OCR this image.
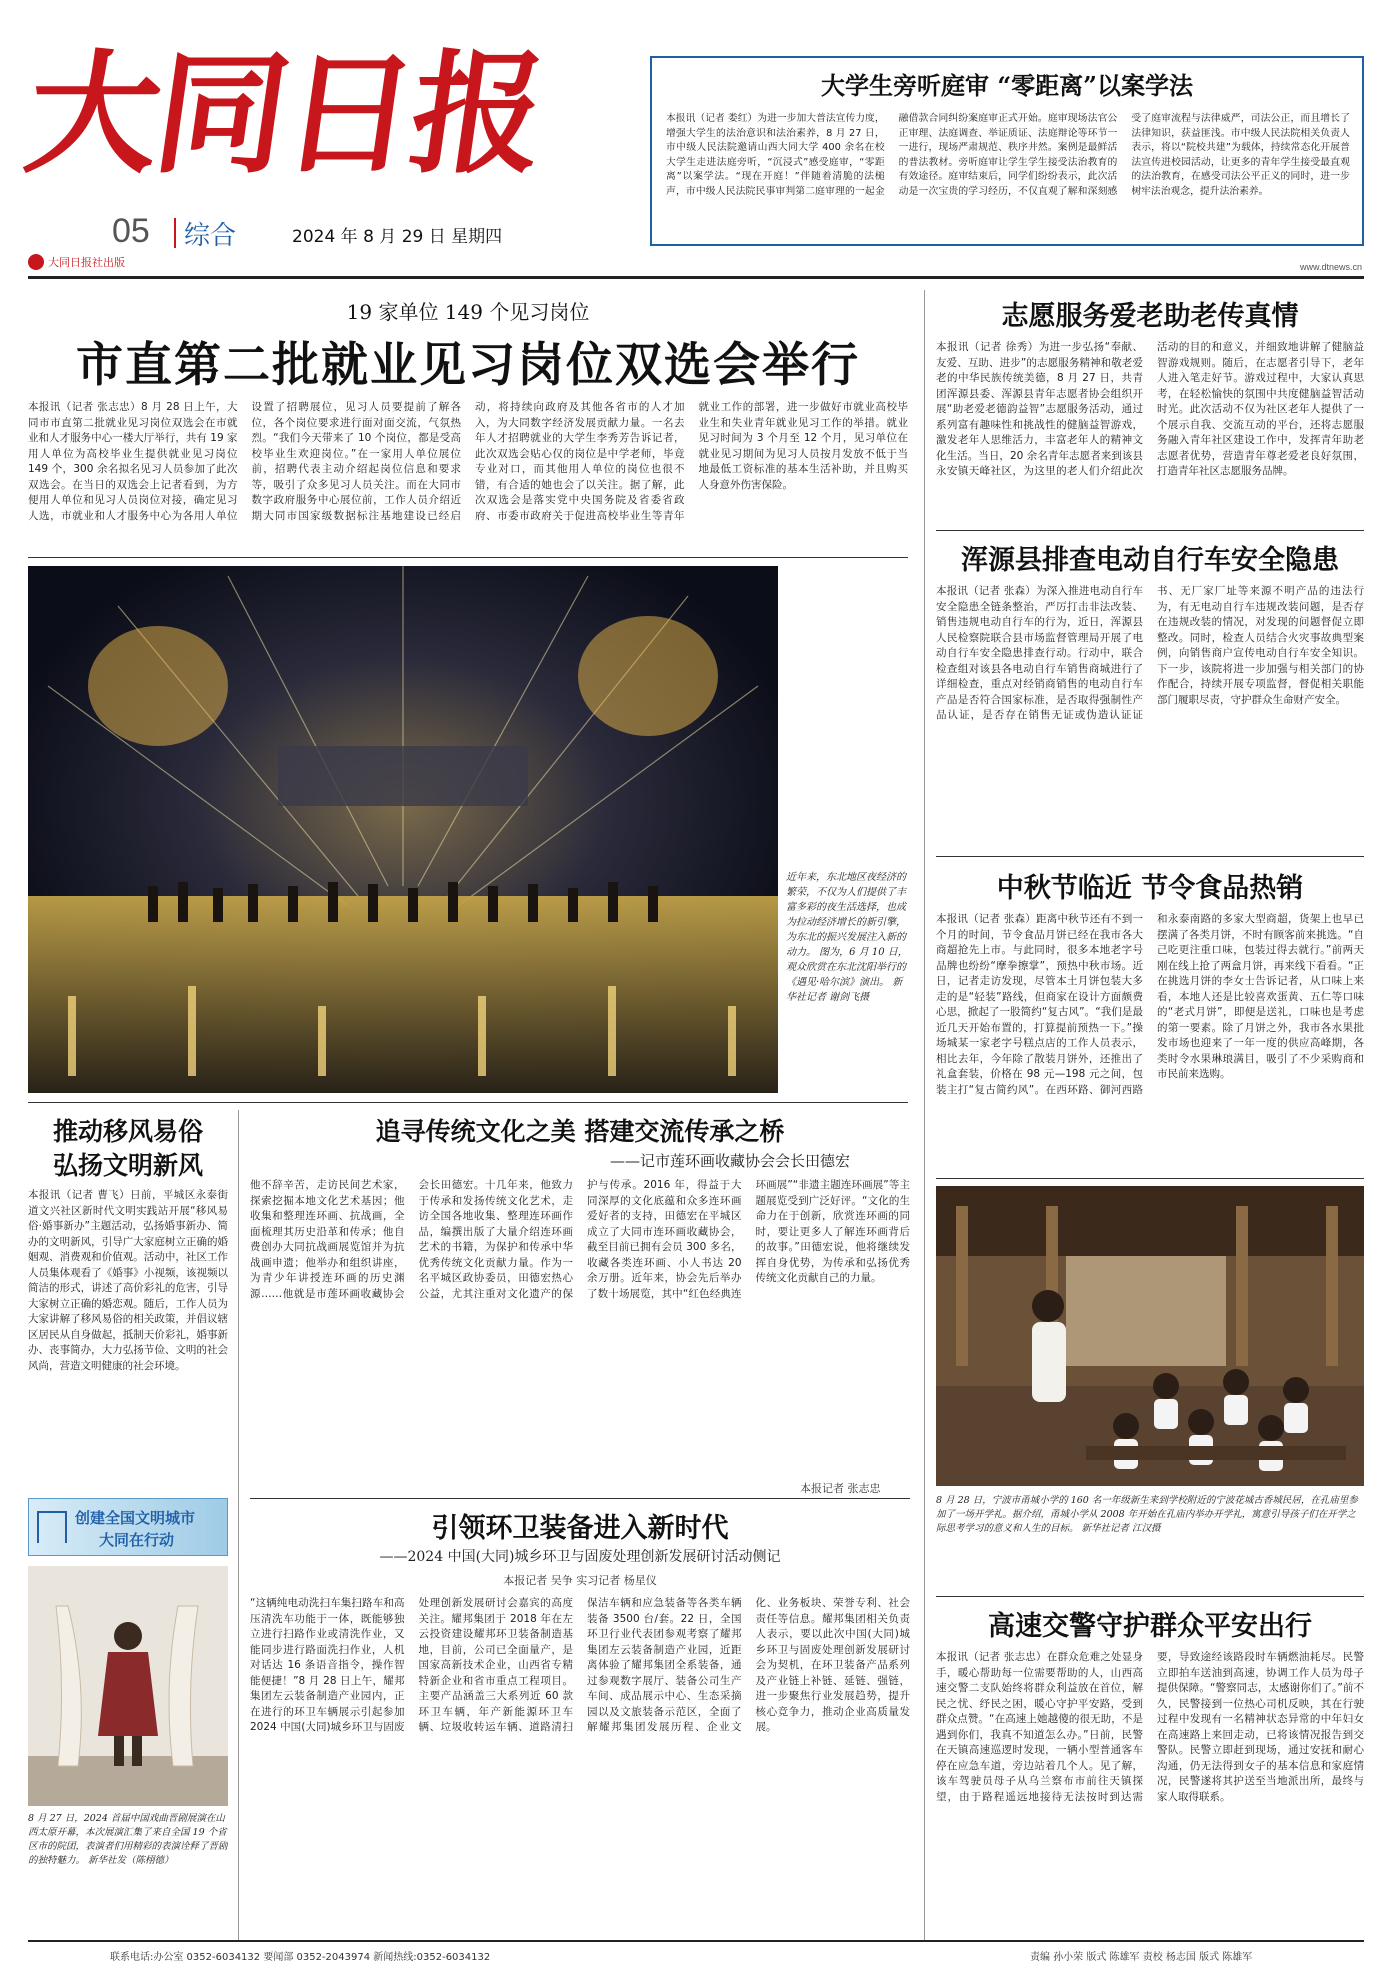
大同日报
05 综合	2024 年 8 月 29 日 星期四
大同日报社出版
大学生旁听庭审 “零距离”以案学法
本报讯（记者 娄红）为进一步加大普法宣传力度，增强大学生的法治意识和法治素养，8 月 27 日，市中级人民法院邀请山西大同大学 400 余名在校大学生走进法庭旁听，“沉浸式”感受庭审，“零距离”以案学法。“现在开庭！”伴随着清脆的法槌声，市中级人民法院民事审判第二庭审理的一起金融借款合同纠纷案庭审正式开始。庭审现场法官公正审理、法庭调查、举证质证、法庭辩论等环节一一进行，现场严肃规范、秩序井然。案例是最鲜活的普法教材。旁听庭审让学生学生接受法治教育的有效途径。庭审结束后，同学们纷纷表示，此次活动是一次宝贵的学习经历，不仅直观了解和深刻感受了庭审流程与法律威严，司法公正，而且增长了法律知识，获益匪浅。市中级人民法院相关负责人表示，将以“院校共建”为载体，持续常态化开展普法宣传进校园活动，让更多的青年学生接受最直观的法治教育，在感受司法公平正义的同时，进一步树牢法治观念，提升法治素养。
www.dtnews.cn
19 家单位 149 个见习岗位
市直第二批就业见习岗位双选会举行
本报讯（记者 张志忠）8 月 28 日上午，大同市市直第二批就业见习岗位双选会在市就业和人才服务中心一楼大厅举行，共有 19 家用人单位为高校毕业生提供就业见习岗位 149 个，300 余名拟名见习人员参加了此次双选会。在当日的双选会上记者看到，为方便用人单位和见习人员岗位对接，确定见习人选，市就业和人才服务中心为各用人单位设置了招聘展位，见习人员要提前了解各位，各个岗位要求进行面对面交流，气氛热烈。“我们今天带来了 10 个岗位，都是受高校毕业生欢迎岗位。”在一家用人单位展位前，招聘代表主动介绍起岗位信息和要求等，吸引了众多见习人员关注。而在大同市数字政府服务中心展位前，工作人员介绍近期大同市国家级数据标注基地建设已经启动，将持续向政府及其他各省市的人才加入，为大同数字经济发展贡献力量。一名去年人才招聘就业的大学生李秀芳告诉记者，此次双选会贴心仅的岗位是中学老师，毕竟专业对口，而其他用人单位的岗位也很不错，有合适的她也会了以关注。据了解，此次双选会是落实党中央国务院及省委省政府、市委市政府关于促进高校毕业生等青年就业工作的部署，进一步做好市就业高校毕业生和失业青年就业见习工作的举措。就业见习时间为 3 个月至 12 个月，见习单位在就业见习期间为见习人员按月发放不低于当地最低工资标准的基本生活补助，并且购买人身意外伤害保险。
近年来，东北地区夜经济的繁荣，不仅为人们提供了丰富多彩的夜生活选择，也成为拉动经济增长的新引擎，为东北的振兴发展注入新的动力。 图为，6 月 10 日，观众欣赏在东北沈阳举行的《遇见·哈尔滨》演出。 新华社记者 谢剑飞摄
志愿服务爱老助老传真情
本报讯（记者 徐秀）为进一步弘扬“奉献、友爱、互助、进步”的志愿服务精神和敬老爱老的中华民族传统美德，8 月 27 日，共青团浑源县委、浑源县青年志愿者协会组织开展“助老爱老德韵益智”志愿服务活动，通过系列富有趣味性和挑战性的健脑益智游戏，激发老年人思维活力，丰富老年人的精神文化生活。当日，20 余名青年志愿者来到该县永安镇天峰社区，为这里的老人们介绍此次活动的目的和意义，并细致地讲解了健脑益智游戏规则。随后，在志愿者引导下，老年人进入笔走好节。游戏过程中，大家认真思考，在轻松愉快的氛围中共度健脑益智活动时光。此次活动不仅为社区老年人提供了一个展示自我、交流互动的平台，还将志愿服务融入青年社区建设工作中，发挥青年助老志愿者优势，营造青年尊老爱老良好氛围，打造青年社区志愿服务品牌。
浑源县排查电动自行车安全隐患
本报讯（记者 张森）为深入推进电动自行车安全隐患全链条整治，严厉打击非法改装、销售违规电动自行车的行为，近日，浑源县人民检察院联合县市场监督管理局开展了电动自行车安全隐患排查行动。行动中，联合检查组对该县各电动自行车销售商城进行了详细检查，重点对经销商销售的电动自行车产品是否符合国家标准，是否取得强制性产品认证，是否存在销售无证或伪造认证证书、无厂家厂址等来源不明产品的违法行为，有无电动自行车违规改装问题，是否存在违规改装的情况，对发现的问题督促立即整改。同时，检查人员结合火灾事故典型案例，向销售商户宣传电动自行车安全知识。下一步，该院将进一步加强与相关部门的协作配合，持续开展专项监督，督促相关职能部门履职尽责，守护群众生命财产安全。
中秋节临近 节令食品热销
本报讯（记者 张森）距离中秋节还有不到一个月的时间，节令食品月饼已经在我市各大商超抢先上市。与此同时，很多本地老字号品牌也纷纷“摩拳擦掌”，预热中秋市场。近日，记者走访发现，尽管本土月饼包装大多走的是“轻装”路线，但商家在设计方面颇费心思，掀起了一股简约“复古风”。“我们是最近几天开始布置的，打算提前预热一下。”操场城某一家老字号糕点店的工作人员表示，相比去年，今年除了散装月饼外，还推出了礼盒套装，价格在 98 元—198 元之间，包装主打“复古简约风”。在西环路、御河西路和永泰南路的多家大型商超，货架上也早已摆满了各类月饼，不时有顾客前来挑选。“自己吃更注重口味，包装过得去就行。”前两天刚在线上抢了两盒月饼，再来线下看看。“正在挑选月饼的李女士告诉记者，从口味上来看，本地人还是比较喜欢蛋黄、五仁等口味的“老式月饼”，即便是送礼，口味也是考虑的第一要素。除了月饼之外，我市各水果批发市场也迎来了一年一度的供应高峰期，各类时令水果琳琅满目，吸引了不少采购商和市民前来选购。
8 月 28 日，宁波市甬城小学的 160 名一年级新生来到学校附近的宁波花城古香城民居，在孔庙里参加了一场开学礼。据介绍，甬城小学从 2008 年开始在孔庙内举办开学礼，寓意引导孩子们在开学之际思考学习的意义和人生的目标。 新华社记者 江汉摄
高速交警守护群众平安出行
本报讯（记者 张志忠）在群众危难之处显身手，暖心帮助每一位需要帮助的人，山西高速交警二支队始终将群众利益放在首位，解民之忧、纾民之困，暖心守护平安路，受到群众点赞。“在高速上她越傻的很无助，不是遇到你们，我真不知道怎么办。”日前，民警在天镇高速巡逻时发现，一辆小型普通客车停在应急车道，旁边站着几个人。见了解，该车驾驶员母子从乌兰察布市前往天镇探望，由于路程遥远地接待无法按时到达需要，导致途经该路段时车辆燃油耗尽。民警立即拍车送油到高速，协调工作人员为母子提供保障。“警察同志，太感谢你们了。”前不久，民警接到一位热心司机反映，其在行驶过程中发现有一名精神状态异常的中年妇女在高速路上来回走动，已将该情况报告到交警队。民警立即赶到现场，通过安抚和耐心沟通，仍无法得到女子的基本信息和家庭情况，民警遂将其护送至当地派出所，最终与家人取得联系。
推动移风易俗
弘扬文明新风
本报讯（记者 曹飞）日前，平城区永泰街道文兴社区新时代文明实践站开展“移风易俗·婚事新办”主题活动，弘扬婚事新办、简办的文明新风，引导广大家庭树立正确的婚姻观、消费观和价值观。活动中，社区工作人员集体观看了《婚事》小视频，该视频以简洁的形式，讲述了高价彩礼的危害，引导大家树立正确的婚恋观。随后，工作人员为大家讲解了移风易俗的相关政策，并倡议辖区居民从自身做起，抵制天价彩礼，婚事新办、丧事简办，大力弘扬节俭、文明的社会风尚，营造文明健康的社会环境。
创建全国文明城市
大同在行动
8 月 27 日，2024 首届中国戏曲晋剧展演在山西太原开幕，本次展演汇集了来自全国 19 个省区市的院团，表演者们用精彩的表演诠释了晋剧的独特魅力。 新华社发（陈栩德）
追寻传统文化之美 搭建交流传承之桥
——记市莲环画收藏协会会长田德宏
他不辞辛苦，走访民间艺术家，探索挖掘本地文化艺术基因；他收集和整理连环画、抗战画，全面梳理其历史沿革和传承；他自费创办大同抗战画展览馆并为抗战画申遗；他举办和组织讲座，为青少年讲授连环画的历史渊源……他就是市莲环画收藏协会会长田德宏。十几年来，他致力于传承和发扬传统文化艺术，走访全国各地收集、整理连环画作品，编撰出版了大量介绍连环画艺术的书籍，为保护和传承中华优秀传统文化贡献力量。作为一名平城区政协委员，田德宏热心公益，尤其注重对文化遗产的保护与传承。2016 年，得益于大同深厚的文化底蕴和众多连环画爱好者的支持，田德宏在平城区成立了大同市连环画收藏协会，截至目前已拥有会员 300 多名，收藏各类连环画、小人书达 20 余万册。近年来，协会先后举办了数十场展览，其中“红色经典连环画展”“非遗主题连环画展”等主题展览受到广泛好评。“文化的生命力在于创新，欣赏连环画的同时，要让更多人了解连环画背后的故事。”田德宏说，他将继续发挥自身优势，为传承和弘扬优秀传统文化贡献自己的力量。
本报记者 张志忠
引领环卫装备进入新时代
——2024 中国(大同)城乡环卫与固废处理创新发展研讨活动侧记
本报记者 吴争 实习记者 杨星仪
“这辆纯电动洗扫车集扫路车和高压清洗车功能于一体，既能够独立进行扫路作业或清洗作业，又能同步进行路面洗扫作业，人机对话达 16 条语音指令，操作智能便捷！”8 月 28 日上午，耀邦集团左云装备制造产业园内，正在进行的环卫车辆展示引起参加 2024 中国(大同)城乡环卫与固废处理创新发展研讨会嘉宾的高度关注。耀邦集团于 2018 年在左云投资建设耀邦环卫装备制造基地，目前，公司已全面量产，是国家高新技术企业，山西省专精特新企业和省市重点工程项目。主要产品涵盖三大系列近 60 款环卫车辆，年产新能源环卫车辆、垃圾收转运车辆、道路清扫保洁车辆和应急装备等各类车辆装备 3500 台/套。22 日，全国环卫行业代表团参观考察了耀邦集团左云装备制造产业园，近距离体验了耀邦集团全系装备，通过参观数字展厅、装备公司生产车间、成品展示中心、生态采摘园以及文旅装备示范区，全面了解耀邦集团发展历程、企业文化、业务板块、荣誉专利、社会责任等信息。耀邦集团相关负责人表示，要以此次中国(大同)城乡环卫与固废处理创新发展研讨会为契机，在环卫装备产品系列及产业链上补链、延链、强链，进一步聚焦行业发展趋势，提升核心竞争力，推动企业高质量发展。
联系电话:办公室 0352-6034132 要闻部 0352-2043974 新闻热线:0352-6034132	责编 孙小荣 版式 陈雄军 责校 杨志国 版式 陈雄军
